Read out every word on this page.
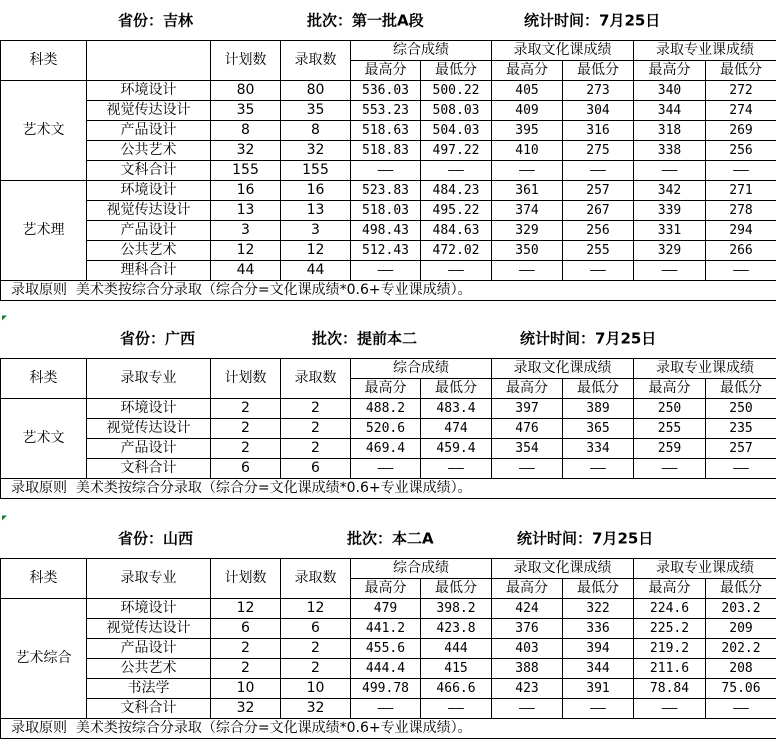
省份：吉林	批次：第一批A段	统计时间：7月25日
科类		计划数	录取数	综合成绩		录取文化课成绩		录取专业课成绩	
				最高分	最低分	最高分	最低分	最高分	最低分
艺术文	环境设计	80	80	536.03	500.22	405	273	340	272
	视觉传达设计	35	35	553.23	508.03	409	304	344	274
	产品设计	8	8	518.63	504.03	395	316	318	269
	公共艺术	32	32	518.83	497.22	410	275	338	256
	文科合计	155	155	——	——	——	——	——	——
艺术理	环境设计	16	16	523.83	484.23	361	257	342	271
	视觉传达设计	13	13	518.03	495.22	374	267	339	278
	产品设计	3	3	498.43	484.63	329	256	331	294
	公共艺术	12	12	512.43	472.02	350	255	329	266
	理科合计	44	44	——	——	——	——	——	——
录取原则 美术类按综合分录取（综合分=文化课成绩*0.6+专业课成绩）。									
省份：广西	批次：提前本二	统计时间：7月25日
科类	录取专业	计划数	录取数	综合成绩		录取文化课成绩		录取专业课成绩	
				最高分	最低分	最高分	最低分	最高分	最低分
艺术文	环境设计	2	2	488.2	483.4	397	389	250	250
	视觉传达设计	2	2	520.6	474	476	365	255	235
	产品设计	2	2	469.4	459.4	354	334	259	257
	文科合计	6	6	——	——	——	——	——	——
录取原则 美术类按综合分录取（综合分=文化课成绩*0.6+专业课成绩）。									
省份：山西	批次：本二A	统计时间：7月25日
科类	录取专业	计划数	录取数	综合成绩		录取文化课成绩		录取专业课成绩	
				最高分	最低分	最高分	最低分	最高分	最低分
艺术综合	环境设计	12	12	479	398.2	424	322	224.6	203.2
	视觉传达设计	6	6	441.2	423.8	376	336	225.2	209
	产品设计	2	2	455.6	444	403	394	219.2	202.2
	公共艺术	2	2	444.4	415	388	344	211.6	208
	书法学	10	10	499.78	466.6	423	391	78.84	75.06
	文科合计	32	32	——	——	——	——	——	——
录取原则 美术类按综合分录取（综合分=文化课成绩*0.6+专业课成绩）。									
